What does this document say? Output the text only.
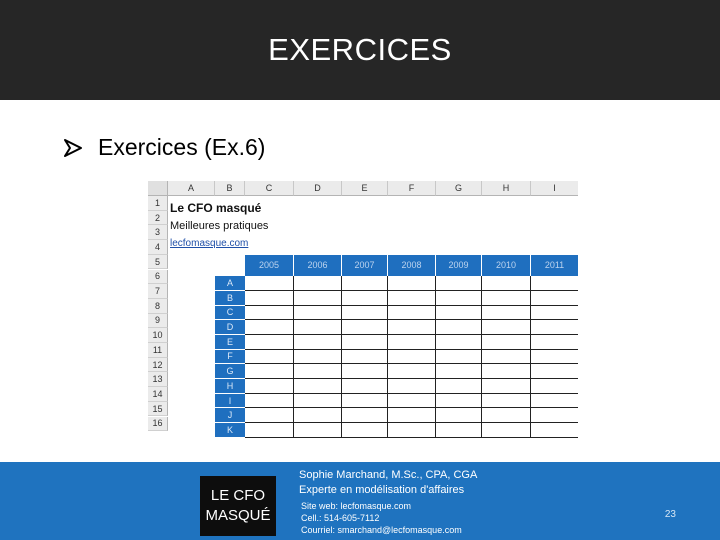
EXERCICES
Exercices (Ex.6)
Le CFO masqué
Meilleures pratiques
lecfomasque.com
A	B	C	D	E	F	G	H	I
1
2
3
4
5
6
7
8
9
10
11
12
13
14
15
16
2005	2006	2007	2008	2009	2010	2011
A
B
C
D
E
F
G
H
I
J
K
LE CFO
MASQUÉ
Sophie Marchand, M.Sc., CPA, CGA
Experte en modélisation d'affaires
Site web: lecfomasque.com
Cell.: 514-605-7112
Courriel: smarchand@lecfomasque.com
23
